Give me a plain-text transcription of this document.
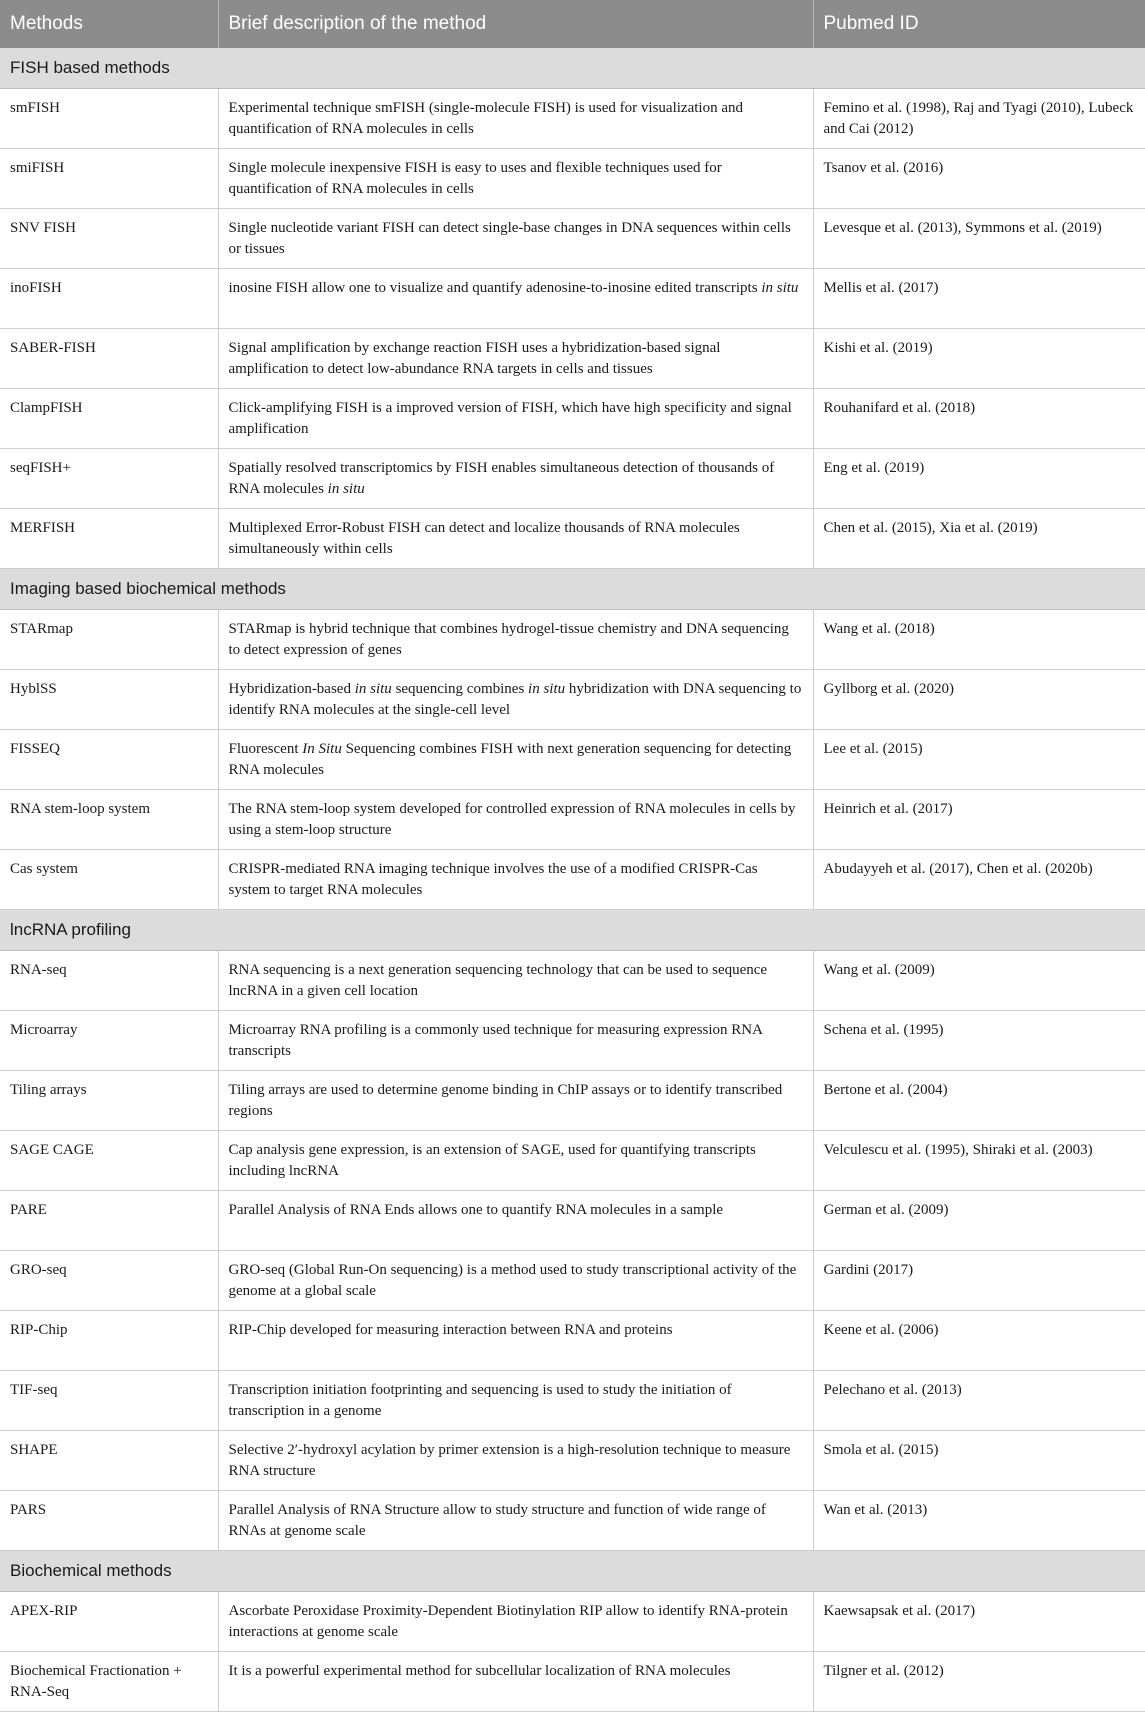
Methods	Brief description of the method	Pubmed ID
FISH based methods		
smFISH	Experimental technique smFISH (single-molecule FISH) is used for visualization and quantification of RNA molecules in cells	Femino et al. (1998), Raj and Tyagi (2010), Lubeck and Cai (2012)
smiFISH	Single molecule inexpensive FISH is easy to uses and flexible techniques used for quantification of RNA molecules in cells	Tsanov et al. (2016)
SNV FISH	Single nucleotide variant FISH can detect single-base changes in DNA sequences within cells or tissues	Levesque et al. (2013), Symmons et al. (2019)
inoFISH	inosine FISH allow one to visualize and quantify adenosine-to-inosine edited transcripts in situ	Mellis et al. (2017)
SABER-FISH	Signal amplification by exchange reaction FISH uses a hybridization-based signal amplification to detect low-abundance RNA targets in cells and tissues	Kishi et al. (2019)
ClampFISH	Click-amplifying FISH is a improved version of FISH, which have high specificity and signal amplification	Rouhanifard et al. (2018)
seqFISH+	Spatially resolved transcriptomics by FISH enables simultaneous detection of thousands of RNA molecules in situ	Eng et al. (2019)
MERFISH	Multiplexed Error-Robust FISH can detect and localize thousands of RNA molecules simultaneously within cells	Chen et al. (2015), Xia et al. (2019)
Imaging based biochemical methods		
STARmap	STARmap is hybrid technique that combines hydrogel-tissue chemistry and DNA sequencing to detect expression of genes	Wang et al. (2018)
HyblSS	Hybridization-based in situ sequencing combines in situ hybridization with DNA sequencing to identify RNA molecules at the single-cell level	Gyllborg et al. (2020)
FISSEQ	Fluorescent In Situ Sequencing combines FISH with next generation sequencing for detecting RNA molecules	Lee et al. (2015)
RNA stem-loop system	The RNA stem-loop system developed for controlled expression of RNA molecules in cells by using a stem-loop structure	Heinrich et al. (2017)
Cas system	CRISPR-mediated RNA imaging technique involves the use of a modified CRISPR-Cas system to target RNA molecules	Abudayyeh et al. (2017), Chen et al. (2020b)
lncRNA profiling		
RNA-seq	RNA sequencing is a next generation sequencing technology that can be used to sequence lncRNA in a given cell location	Wang et al. (2009)
Microarray	Microarray RNA profiling is a commonly used technique for measuring expression RNA transcripts	Schena et al. (1995)
Tiling arrays	Tiling arrays are used to determine genome binding in ChIP assays or to identify transcribed regions	Bertone et al. (2004)
SAGE CAGE	Cap analysis gene expression, is an extension of SAGE, used for quantifying transcripts including lncRNA	Velculescu et al. (1995), Shiraki et al. (2003)
PARE	Parallel Analysis of RNA Ends allows one to quantify RNA molecules in a sample	German et al. (2009)
GRO-seq	GRO-seq (Global Run-On sequencing) is a method used to study transcriptional activity of the genome at a global scale	Gardini (2017)
RIP-Chip	RIP-Chip developed for measuring interaction between RNA and proteins	Keene et al. (2006)
TIF-seq	Transcription initiation footprinting and sequencing is used to study the initiation of transcription in a genome	Pelechano et al. (2013)
SHAPE	Selective 2′-hydroxyl acylation by primer extension is a high-resolution technique to measure RNA structure	Smola et al. (2015)
PARS	Parallel Analysis of RNA Structure allow to study structure and function of wide range of RNAs at genome scale	Wan et al. (2013)
Biochemical methods		
APEX-RIP	Ascorbate Peroxidase Proximity-Dependent Biotinylation RIP allow to identify RNA-protein interactions at genome scale	Kaewsapsak et al. (2017)
Biochemical Fractionation + RNA-Seq	It is a powerful experimental method for subcellular localization of RNA molecules	Tilgner et al. (2012)
